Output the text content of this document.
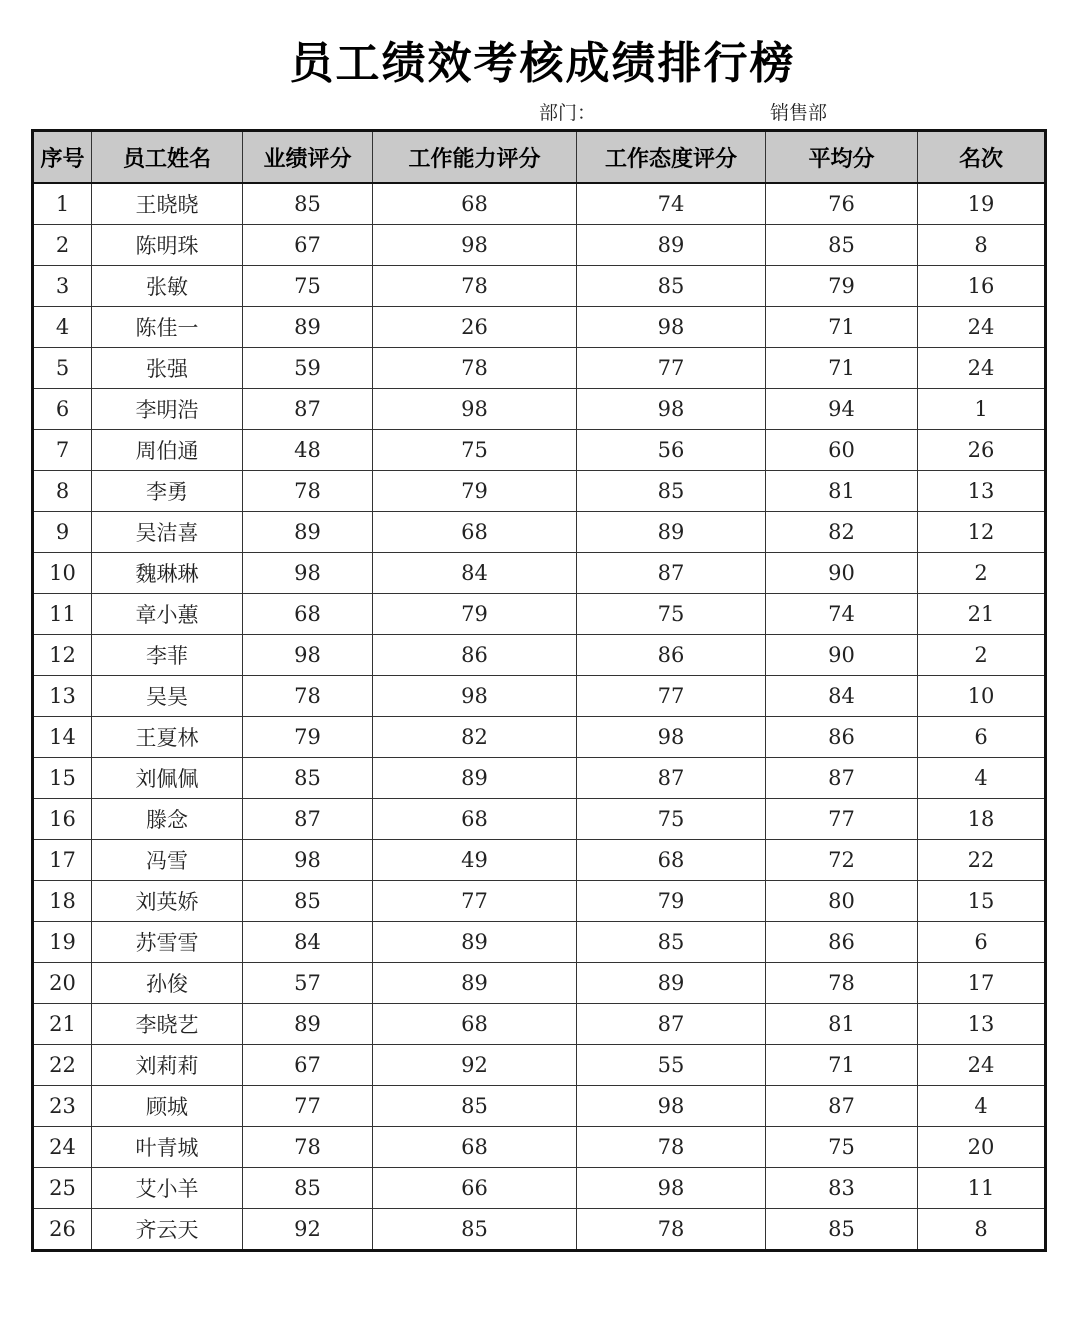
员工绩效考核成绩排行榜
部门：	销售部
序号	员工姓名	业绩评分	工作能力评分	工作态度评分	平均分	名次
1	王晓晓	85	68	74	76	19
2	陈明珠	67	98	89	85	8
3	张敏	75	78	85	79	16
4	陈佳一	89	26	98	71	24
5	张强	59	78	77	71	24
6	李明浩	87	98	98	94	1
7	周伯通	48	75	56	60	26
8	李勇	78	79	85	81	13
9	吴洁喜	89	68	89	82	12
10	魏琳琳	98	84	87	90	2
11	章小蕙	68	79	75	74	21
12	李菲	98	86	86	90	2
13	吴昊	78	98	77	84	10
14	王夏林	79	82	98	86	6
15	刘佩佩	85	89	87	87	4
16	滕念	87	68	75	77	18
17	冯雪	98	49	68	72	22
18	刘英娇	85	77	79	80	15
19	苏雪雪	84	89	85	86	6
20	孙俊	57	89	89	78	17
21	李晓艺	89	68	87	81	13
22	刘莉莉	67	92	55	71	24
23	顾城	77	85	98	87	4
24	叶青城	78	68	78	75	20
25	艾小羊	85	66	98	83	11
26	齐云天	92	85	78	85	8
